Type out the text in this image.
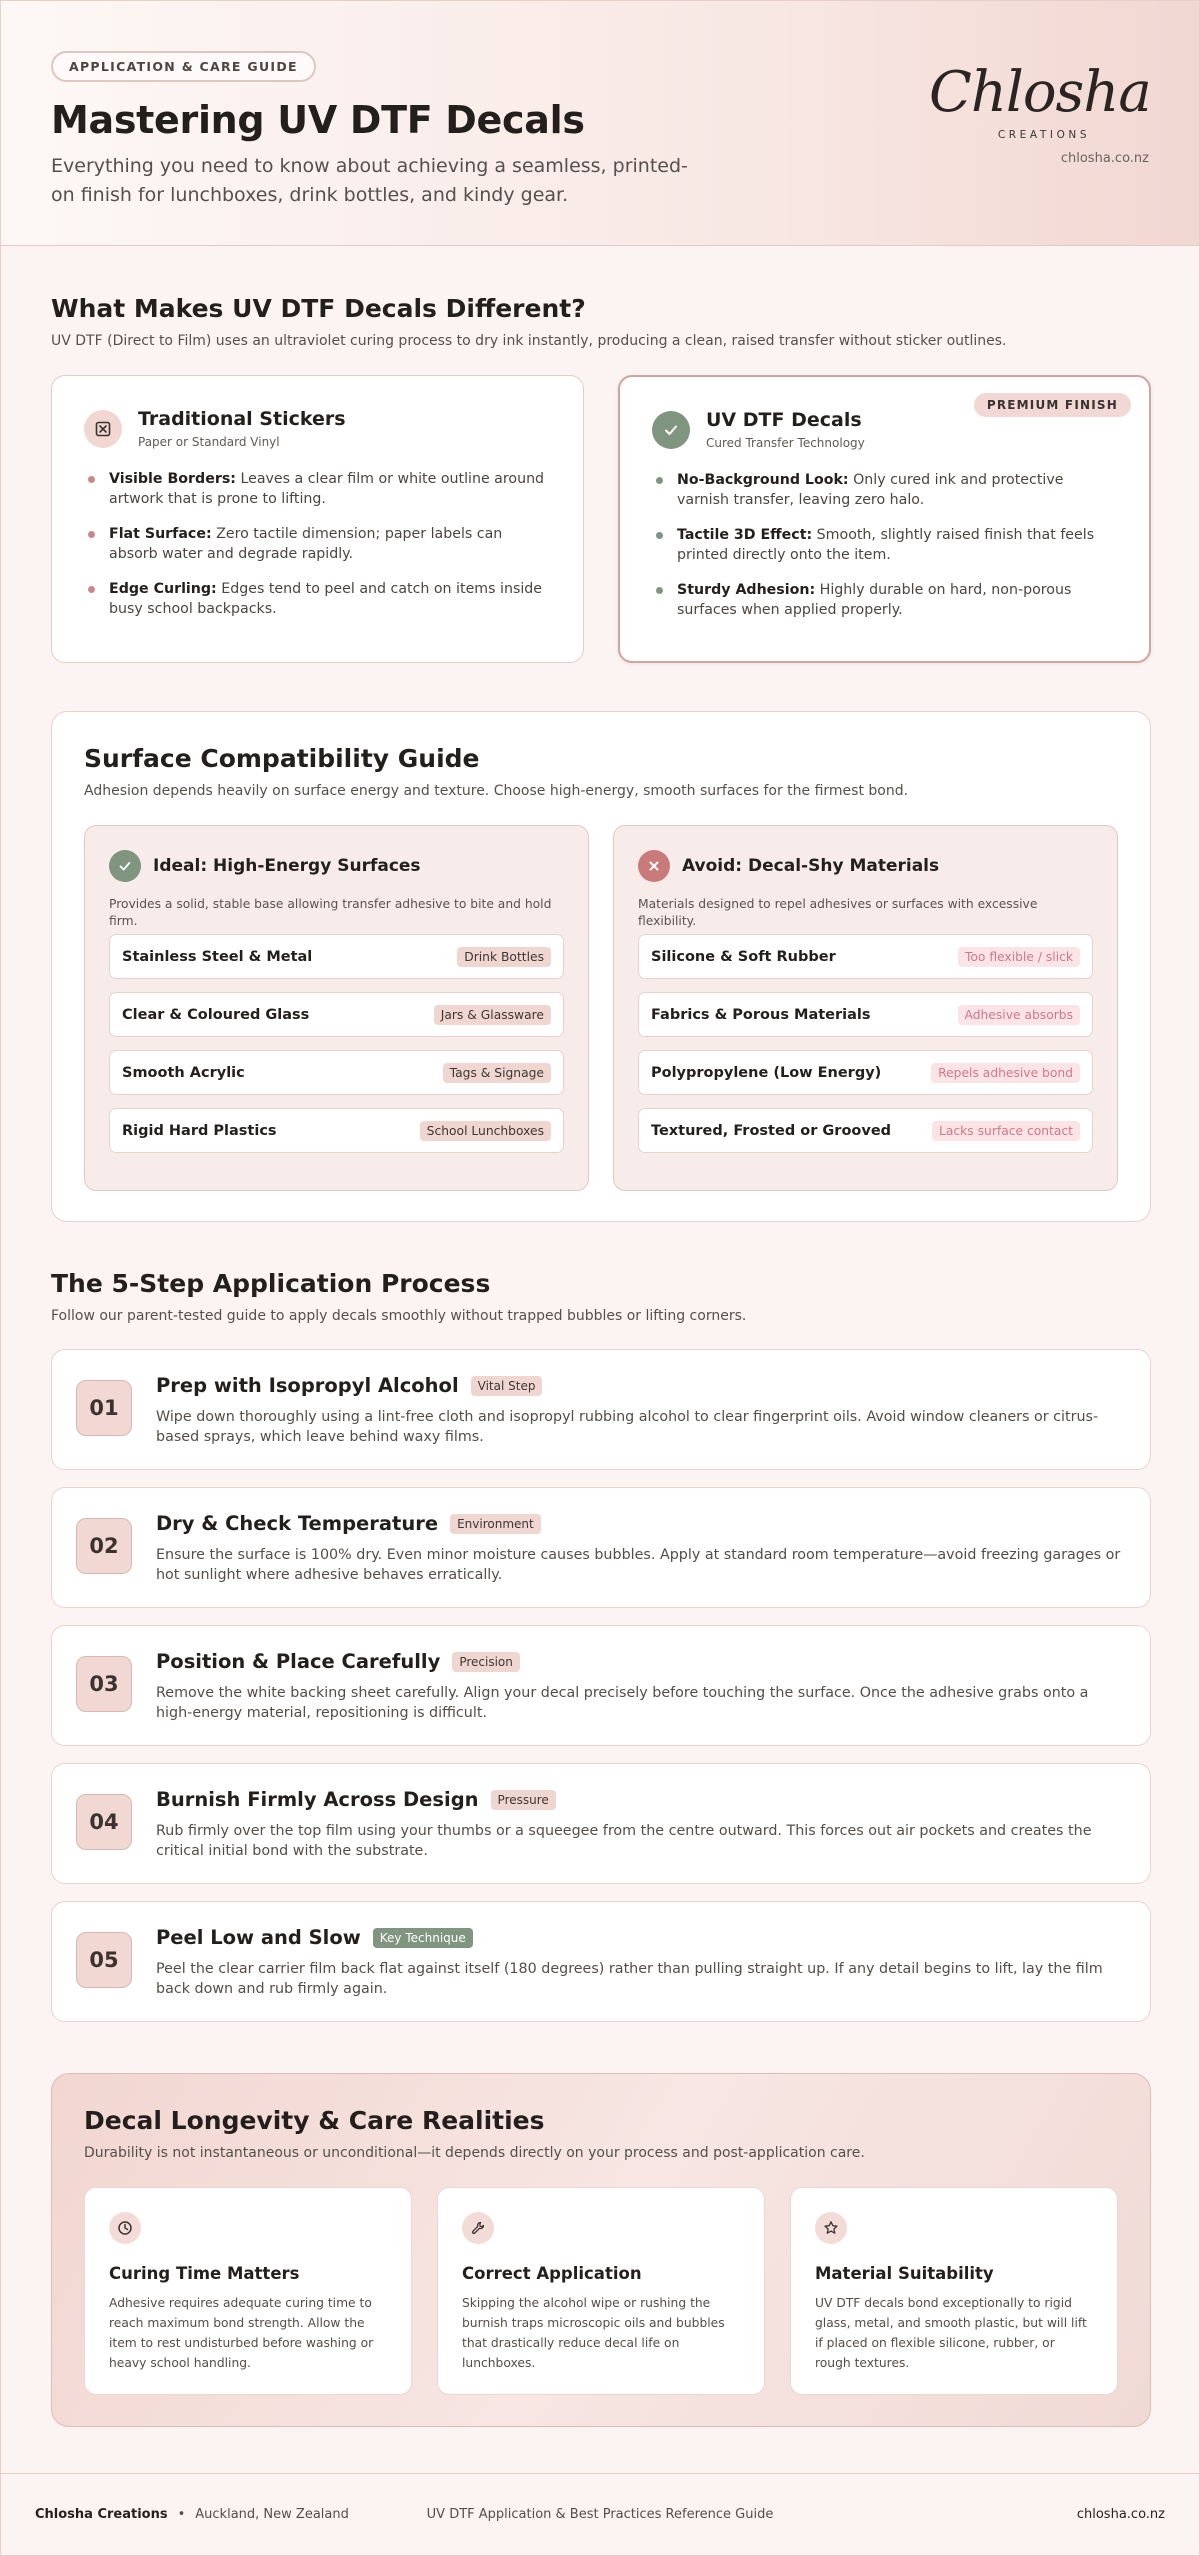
APPLICATION & CARE GUIDE
Mastering UV DTF Decals
Everything you need to know about achieving a seamless, printed-on finish for lunchboxes, drink bottles, and kindy gear.
Chlosha
CREATIONS
chlosha.co.nz
What Makes UV DTF Decals Different?
UV DTF (Direct to Film) uses an ultraviolet curing process to dry ink instantly, producing a clean, raised transfer without sticker outlines.
Traditional Stickers
Paper or Standard Vinyl
Visible Borders: Leaves a clear film or white outline around artwork that is prone to lifting.
Flat Surface: Zero tactile dimension; paper labels can absorb water and degrade rapidly.
Edge Curling: Edges tend to peel and catch on items inside busy school backpacks.
PREMIUM FINISH
UV DTF Decals
Cured Transfer Technology
No-Background Look: Only cured ink and protective varnish transfer, leaving zero halo.
Tactile 3D Effect: Smooth, slightly raised finish that feels printed directly onto the item.
Sturdy Adhesion: Highly durable on hard, non-porous surfaces when applied properly.
Surface Compatibility Guide
Adhesion depends heavily on surface energy and texture. Choose high-energy, smooth surfaces for the firmest bond.
Ideal: High-Energy Surfaces
Provides a solid, stable base allowing transfer adhesive to bite and hold firm.
Stainless Steel & Metal	Drink Bottles
Clear & Coloured Glass	Jars & Glassware
Smooth Acrylic	Tags & Signage
Rigid Hard Plastics	School Lunchboxes
Avoid: Decal-Shy Materials
Materials designed to repel adhesives or surfaces with excessive flexibility.
Silicone & Soft Rubber	Too flexible / slick
Fabrics & Porous Materials	Adhesive absorbs
Polypropylene (Low Energy)	Repels adhesive bond
Textured, Frosted or Grooved	Lacks surface contact
The 5-Step Application Process
Follow our parent-tested guide to apply decals smoothly without trapped bubbles or lifting corners.
01
Prep with Isopropyl Alcohol	Vital Step
Wipe down thoroughly using a lint-free cloth and isopropyl rubbing alcohol to clear fingerprint oils. Avoid window cleaners or citrus-based sprays, which leave behind waxy films.
02
Dry & Check Temperature	Environment
Ensure the surface is 100% dry. Even minor moisture causes bubbles. Apply at standard room temperature—avoid freezing garages or hot sunlight where adhesive behaves erratically.
03
Position & Place Carefully	Precision
Remove the white backing sheet carefully. Align your decal precisely before touching the surface. Once the adhesive grabs onto a high-energy material, repositioning is difficult.
04
Burnish Firmly Across Design	Pressure
Rub firmly over the top film using your thumbs or a squeegee from the centre outward. This forces out air pockets and creates the critical initial bond with the substrate.
05
Peel Low and Slow	Key Technique
Peel the clear carrier film back flat against itself (180 degrees) rather than pulling straight up. If any detail begins to lift, lay the film back down and rub firmly again.
Decal Longevity & Care Realities
Durability is not instantaneous or unconditional—it depends directly on your process and post-application care.
Curing Time Matters
Adhesive requires adequate curing time to reach maximum bond strength. Allow the item to rest undisturbed before washing or heavy school handling.
Correct Application
Skipping the alcohol wipe or rushing the burnish traps microscopic oils and bubbles that drastically reduce decal life on lunchboxes.
Material Suitability
UV DTF decals bond exceptionally to rigid glass, metal, and smooth plastic, but will lift if placed on flexible silicone, rubber, or rough textures.
Chlosha Creations • Auckland, New Zealand	UV DTF Application & Best Practices Reference Guide	chlosha.co.nz
